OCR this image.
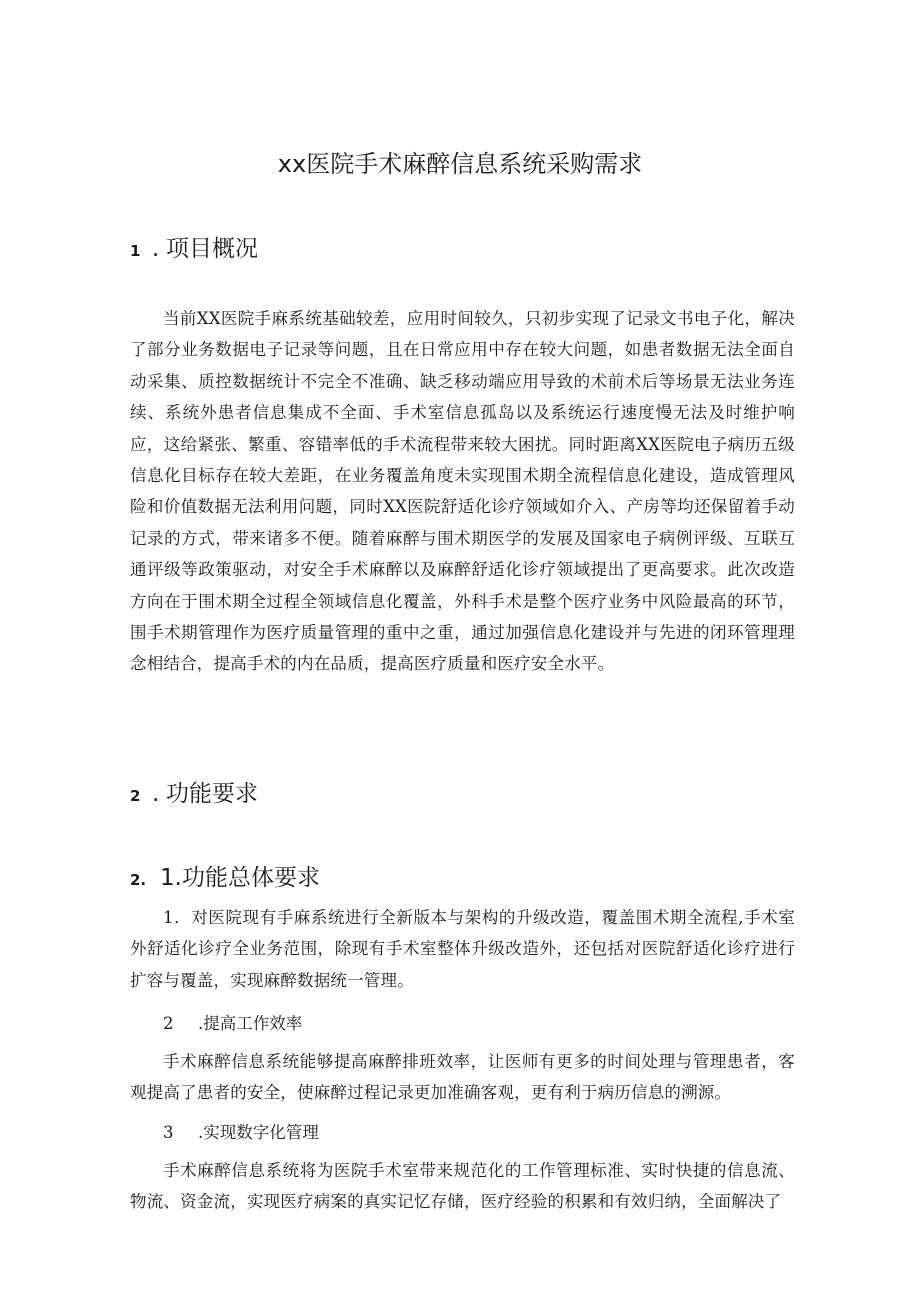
xx医院手术麻醉信息系统采购需求
1 . 项目概况
当前XX医院手麻系统基础较差，应用时间较久，只初步实现了记录文书电子化，解决了部分业务数据电子记录等问题，且在日常应用中存在较大问题，如患者数据无法全面自动采集、质控数据统计不完全不准确、缺乏移动端应用导致的术前术后等场景无法业务连续、系统外患者信息集成不全面、手术室信息孤岛以及系统运行速度慢无法及时维护响应，这给紧张、繁重、容错率低的手术流程带来较大困扰。同时距离XX医院电子病历五级信息化目标存在较大差距，在业务覆盖角度未实现围术期全流程信息化建设，造成管理风险和价值数据无法利用问题，同时XX医院舒适化诊疗领域如介入、产房等均还保留着手动记录的方式，带来诸多不便。随着麻醉与围术期医学的发展及国家电子病例评级、互联互通评级等政策驱动，对安全手术麻醉以及麻醉舒适化诊疗领域提出了更高要求。此次改造方向在于围术期全过程全领域信息化覆盖，外科手术是整个医疗业务中风险最高的环节，围手术期管理作为医疗质量管理的重中之重，通过加强信息化建设并与先进的闭环管理理念相结合，提高手术的内在品质，提高医疗质量和医疗安全水平。
2 . 功能要求
2. 1.功能总体要求
1．对医院现有手麻系统进行全新版本与架构的升级改造，覆盖围术期全流程,手术室外舒适化诊疗全业务范围，除现有手术室整体升级改造外，还包括对医院舒适化诊疗进行扩容与覆盖，实现麻醉数据统一管理。
2 .提高工作效率
手术麻醉信息系统能够提高麻醉排班效率，让医师有更多的时间处理与管理患者，客观提高了患者的安全，使麻醉过程记录更加准确客观，更有利于病历信息的溯源。
3 .实现数字化管理
手术麻醉信息系统将为医院手术室带来规范化的工作管理标准、实时快捷的信息流、物流、资金流，实现医疗病案的真实记忆存储，医疗经验的积累和有效归纳，全面解决了
